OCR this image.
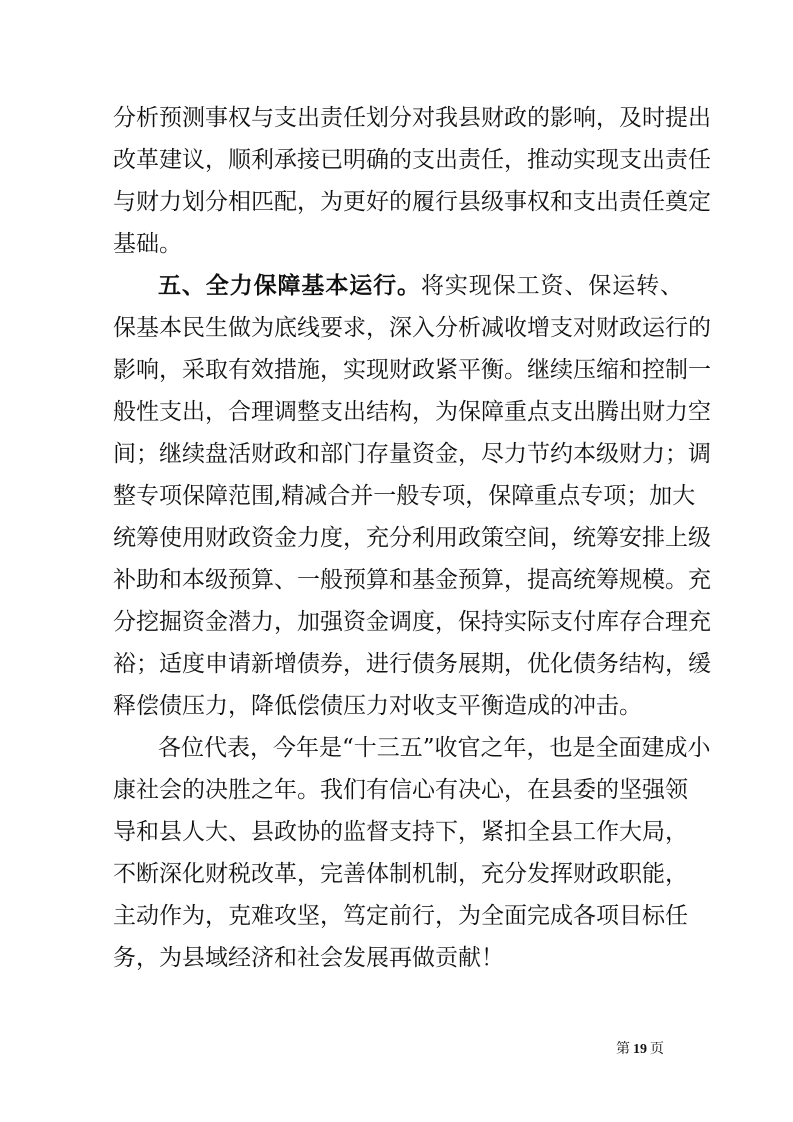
分析预测事权与支出责任划分对我县财政的影响，及时提出
改革建议，顺利承接已明确的支出责任，推动实现支出责任
与财力划分相匹配，为更好的履行县级事权和支出责任奠定
基础。
五、全力保障基本运行。将实现保工资、保运转、
保基本民生做为底线要求，深入分析减收增支对财政运行的
影响，采取有效措施，实现财政紧平衡。继续压缩和控制一
般性支出，合理调整支出结构，为保障重点支出腾出财力空
间；继续盘活财政和部门存量资金，尽力节约本级财力；调
整专项保障范围,精减合并一般专项，保障重点专项；加大
统筹使用财政资金力度，充分利用政策空间，统筹安排上级
补助和本级预算、一般预算和基金预算，提高统筹规模。充
分挖掘资金潜力，加强资金调度，保持实际支付库存合理充
裕；适度申请新增债券，进行债务展期，优化债务结构，缓
释偿债压力，降低偿债压力对收支平衡造成的冲击。
各位代表，今年是“十三五”收官之年，也是全面建成小
康社会的决胜之年。我们有信心有决心，在县委的坚强领
导和县人大、县政协的监督支持下，紧扣全县工作大局，
不断深化财税改革，完善体制机制，充分发挥财政职能，
主动作为，克难攻坚，笃定前行，为全面完成各项目标任
务，为县域经济和社会发展再做贡献！
第 19 页
